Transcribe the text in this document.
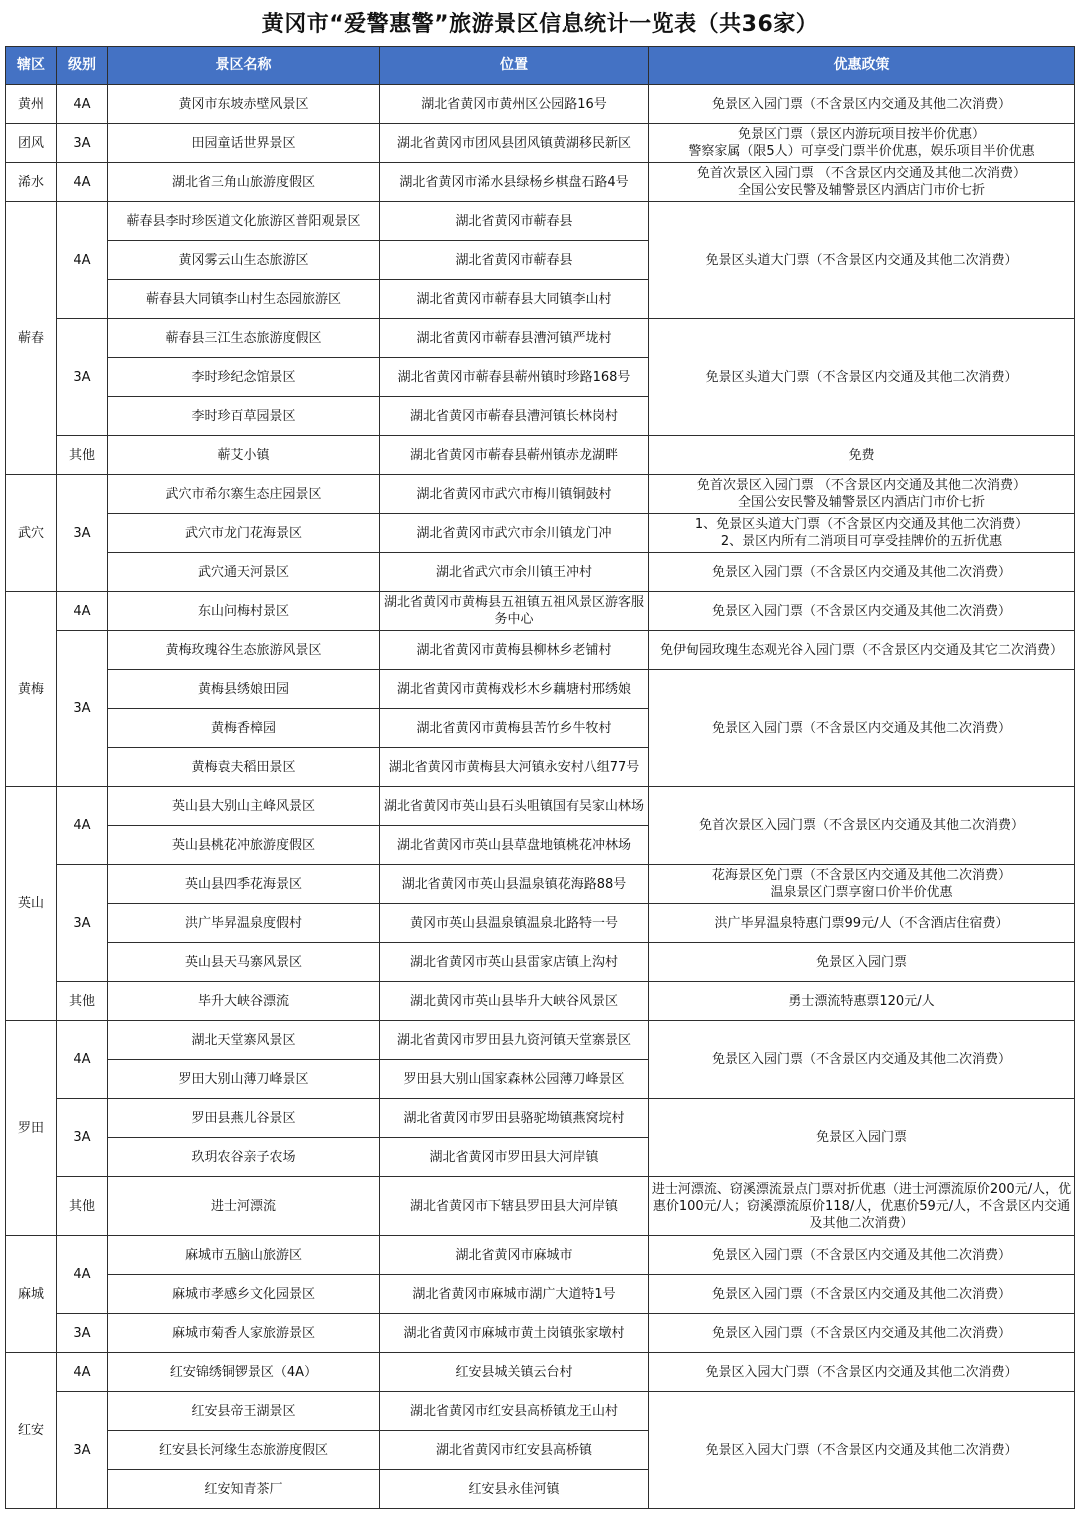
黄冈市“爱警惠警”旅游景区信息统计一览表（共36家）
辖区	级别	景区名称	位置	优惠政策
黄州	4A	黄冈市东坡赤壁风景区	湖北省黄冈市黄州区公园路16号	免景区入园门票（不含景区内交通及其他二次消费）

团风	3A	田园童话世界景区	湖北省黄冈市团风县团风镇黄湖移民新区	免景区门票（景区内游玩项目按半价优惠）
警察家属（限5人）可享受门票半价优惠，娱乐项目半价优惠

浠水	4A	湖北省三角山旅游度假区	湖北省黄冈市浠水县绿杨乡棋盘石路4号	免首次景区入园门票 （不含景区内交通及其他二次消费）
全国公安民警及辅警景区内酒店门市价七折

蕲春	4A	蕲春县李时珍医道文化旅游区普阳观景区	湖北省黄冈市蕲春县	免景区头道大门票（不含景区内交通及其他二次消费）

		黄冈雾云山生态旅游区	湖北省黄冈市蕲春县	
		蕲春县大同镇李山村生态园旅游区	湖北省黄冈市蕲春县大同镇李山村	
	3A	蕲春县三江生态旅游度假区	湖北省黄冈市蕲春县漕河镇严垅村	免景区头道大门票（不含景区内交通及其他二次消费）

		李时珍纪念馆景区	湖北省黄冈市蕲春县蕲州镇时珍路168号	
		李时珍百草园景区	湖北省黄冈市蕲春县漕河镇长林岗村	
	其他	蕲艾小镇	湖北省黄冈市蕲春县蕲州镇赤龙湖畔	免费

武穴	3A	武穴市希尔寨生态庄园景区	湖北省黄冈市武穴市梅川镇铜鼓村	免首次景区入园门票 （不含景区内交通及其他二次消费）
全国公安民警及辅警景区内酒店门市价七折

		武穴市龙门花海景区	湖北省黄冈市武穴市余川镇龙门冲	1、免景区头道大门票（不含景区内交通及其他二次消费）
2、景区内所有二消项目可享受挂牌价的五折优惠

		武穴通天河景区	湖北省武穴市余川镇王冲村	免景区入园门票（不含景区内交通及其他二次消费）

黄梅	4A	东山问梅村景区	湖北省黄冈市黄梅县五祖镇五祖风景区游客服务中心	免景区入园门票（不含景区内交通及其他二次消费）

	3A	黄梅玫瑰谷生态旅游风景区	湖北省黄冈市黄梅县柳林乡老铺村	免伊甸园玫瑰生态观光谷入园门票（不含景区内交通及其它二次消费）

		黄梅县绣娘田园	湖北省黄冈市黄梅戏杉木乡藕塘村邢绣娘	免景区入园门票（不含景区内交通及其他二次消费）

		黄梅香樟园	湖北省黄冈市黄梅县苦竹乡牛牧村	
		黄梅袁夫稻田景区	湖北省黄冈市黄梅县大河镇永安村八组77号	
英山	4A	英山县大别山主峰风景区	湖北省黄冈市英山县石头咀镇国有吴家山林场	免首次景区入园门票（不含景区内交通及其他二次消费）

		英山县桃花冲旅游度假区	湖北省黄冈市英山县草盘地镇桃花冲林场	
	3A	英山县四季花海景区	湖北省黄冈市英山县温泉镇花海路88号	花海景区免门票（不含景区内交通及其他二次消费）
温泉景区门票享窗口价半价优惠

		洪广毕昇温泉度假村	黄冈市英山县温泉镇温泉北路特一号	洪广毕昇温泉特惠门票99元/人（不含酒店住宿费）

		英山县天马寨风景区	湖北省黄冈市英山县雷家店镇上沟村	免景区入园门票

	其他	毕升大峡谷漂流	湖北黄冈市英山县毕升大峡谷风景区	勇士漂流特惠票120元/人

罗田	4A	湖北天堂寨风景区	湖北省黄冈市罗田县九资河镇天堂寨景区	免景区入园门票（不含景区内交通及其他二次消费）

		罗田大别山薄刀峰景区	罗田县大别山国家森林公园薄刀峰景区	
	3A	罗田县燕儿谷景区	湖北省黄冈市罗田县骆驼坳镇燕窝垸村	免景区入园门票

		玖玥农谷亲子农场	湖北省黄冈市罗田县大河岸镇	
	其他	进士河漂流	湖北省黄冈市下辖县罗田县大河岸镇	进士河漂流、窃溪漂流景点门票对折优惠（进士河漂流原价200元/人，优惠价100元/人；窃溪漂流原价118/人，优惠价59元/人，不含景区内交通及其他二次消费）

麻城	4A	麻城市五脑山旅游区	湖北省黄冈市麻城市	免景区入园门票（不含景区内交通及其他二次消费）

		麻城市孝感乡文化园景区	湖北省黄冈市麻城市湖广大道特1号	免景区入园门票（不含景区内交通及其他二次消费）

	3A	麻城市菊香人家旅游景区	湖北省黄冈市麻城市黄土岗镇张家墩村	免景区入园门票（不含景区内交通及其他二次消费）

红安	4A	红安锦绣铜锣景区（4A）	红安县城关镇云台村	免景区入园大门票（不含景区内交通及其他二次消费）

	3A	红安县帝王湖景区	湖北省黄冈市红安县高桥镇龙王山村	免景区入园大门票（不含景区内交通及其他二次消费）

		红安县长河缘生态旅游度假区	湖北省黄冈市红安县高桥镇	
		红安知青茶厂	红安县永佳河镇	
